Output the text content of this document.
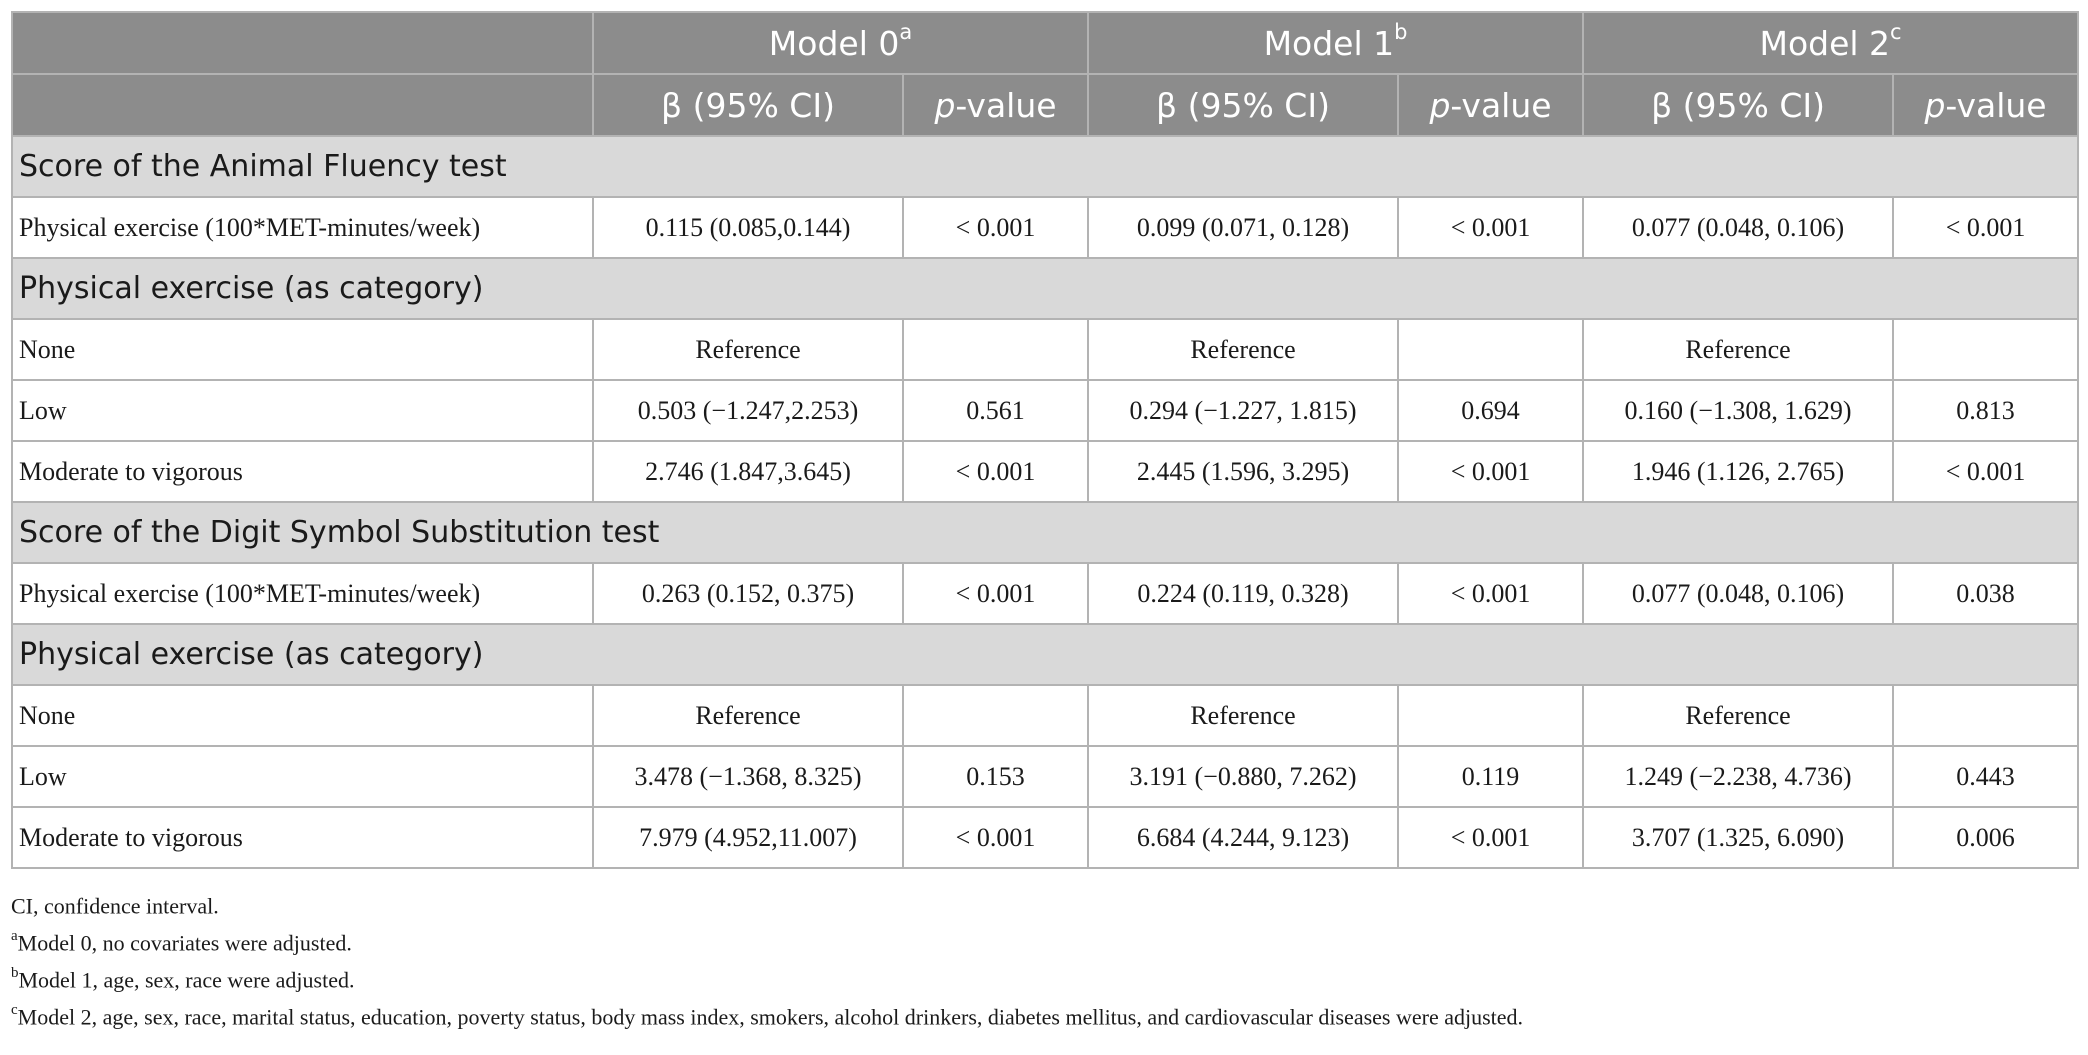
	Model 0$^a$		Model 1$^b$		Model 2$^c$
	β (95% CI)	p-value	β (95% CI)	p-value	β (95% CI)	p-value
Score of the Animal Fluency test						
Physical exercise (100*MET-minutes/week)	0.115 (0.085,0.144)	< 0.001	0.099 (0.071, 0.128)	< 0.001	0.077 (0.048, 0.106)	< 0.001
Physical exercise (as category)						
None	Reference		Reference		Reference	
Low	0.503 (−1.247,2.253)	0.561	0.294 (−1.227, 1.815)	0.694	0.160 (−1.308, 1.629)	0.813
Moderate to vigorous	2.746 (1.847,3.645)	< 0.001	2.445 (1.596, 3.295)	< 0.001	1.946 (1.126, 2.765)	< 0.001
Score of the Digit Symbol Substitution test						
Physical exercise (100*MET-minutes/week)	0.263 (0.152, 0.375)	< 0.001	0.224 (0.119, 0.328)	< 0.001	0.077 (0.048, 0.106)	0.038
Physical exercise (as category)						
None	Reference		Reference		Reference	
Low	3.478 (−1.368, 8.325)	0.153	3.191 (−0.880, 7.262)	0.119	1.249 (−2.238, 4.736)	0.443
Moderate to vigorous	7.979 (4.952,11.007)	< 0.001	6.684 (4.244, 9.123)	< 0.001	3.707 (1.325, 6.090)	0.006
CI, confidence interval.
$^a$Model 0, no covariates were adjusted.
$^b$Model 1, age, sex, race were adjusted.
$^c$Model 2, age, sex, race, marital status, education, poverty status, body mass index, smokers, alcohol drinkers, diabetes mellitus, and cardiovascular diseases were adjusted.
